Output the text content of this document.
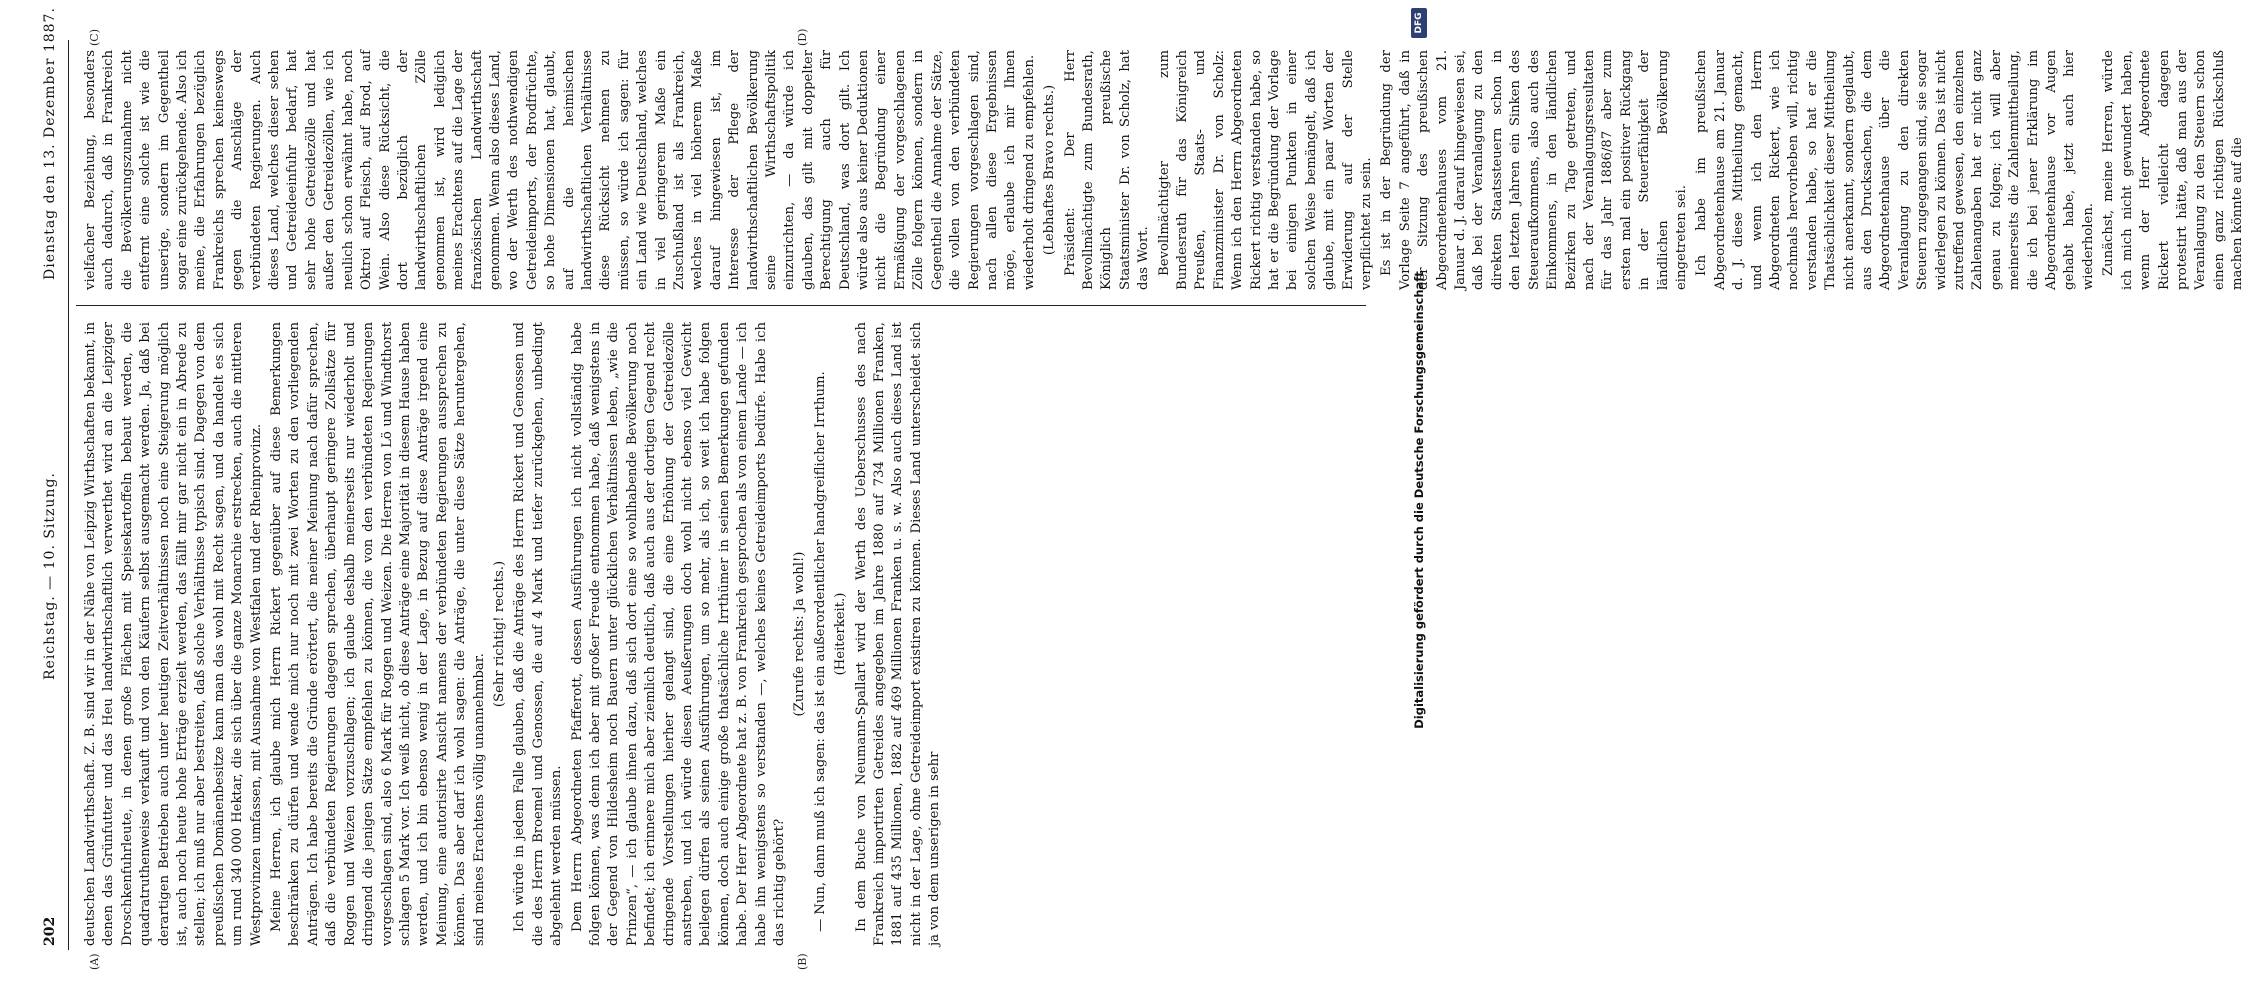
202
Reichstag. — 10. Sitzung.
Dienstag den 13. Dezember 1887.
(A)	(B)
(C)	(D)

deutschen Landwirthschaft. Z. B. sind wir in der Nähe von Leipzig Wirthschaften bekannt, in denen das Grünfutter und das Heu landwirthschaftlich verwerthet wird an die Leipziger Droschkenfuhrleute, in denen große Flächen mit Speisekartoffeln bebaut werden, die quadratruthenweise verkauft und von den Käufern selbst ausgemacht werden. Ja, daß bei derartigen Betrieben auch unter heutigen Zeitverhältnissen noch eine Steigerung möglich ist, auch noch heute hohe Erträge erzielt werden, das fällt mir gar nicht ein in Abrede zu stellen; ich muß nur aber bestreiten, daß solche Verhältnisse typisch sind. Dagegen von dem preußischen Domänenbesitze kann man das wohl mit Recht sagen, und da handelt es sich um rund 340 000 Hektar, die sich über die ganze Monarchie erstrecken, auch die mittleren Westprovinzen umfassen, mit Ausnahme von Westfalen und der Rheinprovinz. Meine Herren, ich glaube mich Herrn Rickert gegenüber auf diese Bemerkungen beschränken zu dürfen und wende mich nur noch mit zwei Worten zu den vorliegenden Anträgen. Ich habe bereits die Gründe erörtert, die meiner Meinung nach dafür sprechen, daß die verbündeten Regierungen dagegen sprechen, überhaupt geringere Zollsätze für Roggen und Weizen vorzuschlagen; ich glaube deshalb meinerseits nur wiederholt und dringend die jenigen Sätze empfehlen zu können, die von den verbündeten Regierungen vorgeschlagen sind, also 6 Mark für Roggen und Weizen. Die Herren von Lö und Windthorst schlagen 5 Mark vor. Ich weiß nicht, ob diese Anträge eine Majorität in diesem Hause haben werden, und ich bin ebenso wenig in der Lage, in Bezug auf diese Anträge irgend eine Meinung, eine autorisirte Ansicht namens der verbündeten Regierungen aussprechen zu können. Das aber darf ich wohl sagen: die Anträge, die unter diese Sätze heruntergehen, sind meines Erachtens völlig unannehmbar.

(Sehr richtig! rechts.) Ich würde in jedem Falle glauben, daß die Anträge des Herrn Rickert und Genossen und die des Herrn Broemel und Genossen, die auf 4 Mark und tiefer zurückgehen, unbedingt abgelehnt werden müssen. Dem Herrn Abgeordneten Pfafferott, dessen Ausführungen ich nicht vollständig habe folgen können, was denn ich aber mit großer Freude entnommen habe, daß wenigstens in der Gegend von Hildesheim noch Bauern unter glücklichen Verhältnissen leben, „wie die Prinzen“, — ich glaube ihnen dazu, daß sich dort eine so wohlhabende Bevölkerung noch befindet; ich erinnere mich aber ziemlich deutlich, daß auch aus der dortigen Gegend recht dringende Vorstellungen hierher gelangt sind, die eine Erhöhung der Getreidezölle anstreben, und ich würde diesen Aeußerungen doch wohl nicht ebenso viel Gewicht beilegen dürfen als seinen Ausführungen, um so mehr, als ich, so weit ich habe folgen können, doch auch einige große thatsächliche Irrthümer in seinen Bemerkungen gefunden habe. Der Herr Abgeordnete hat z. B. von Frankreich gesprochen als von einem Lande — ich habe ihn wenigstens so verstanden —, welches keines Getreideimports bedürfe. Habe ich das richtig gehört?

(Zurufe rechts: Ja wohl!) — Nun, dann muß ich sagen: das ist ein außerordentlicher handgreiflicher Irrthum. (Heiterkeit.) In dem Buche von Neumann-Spallart wird der Werth des Ueberschusses des nach Frankreich importirten Getreides angegeben im Jahre 1880 auf 734 Millionen Franken, 1881 auf 435 Millionen, 1882 auf 469 Millionen Franken u. s. w. Also auch dieses Land ist nicht in der Lage, ohne Getreideimport existiren zu können. Dieses Land unterscheidet sich ja von dem unserigen in sehr

vielfacher Beziehung, besonders auch dadurch, daß in Frankreich die Bevölkerungszunahme nicht entfernt eine solche ist wie die unserige, sondern im Gegentheil sogar eine zurückgehende. Also ich meine, die Erfahrungen bezüglich Frankreichs sprechen keineswegs gegen die Anschläge der verbündeten Regierungen. Auch dieses Land, welches dieser sehen und Getreideeinfuhr bedarf, hat sehr hohe Getreidezölle und hat außer den Getreidezöllen, wie ich neulich schon erwähnt habe, noch Oktroi auf Fleisch, auf Brod, auf Wein. Also diese Rücksicht, die dort bezüglich der landwirthschaftlichen Zölle genommen ist, wird lediglich meines Erachtens auf die Lage der französischen Landwirthschaft genommen. Wenn also dieses Land, wo der Werth des nothwendigen Getreideimports, der Brodfrüchte, so hohe Dimensionen hat, glaubt, auf die heimischen landwirthschaftlichen Verhältnisse diese Rücksicht nehmen zu müssen, so würde ich sagen: für ein Land wie Deutschland, welches in viel geringerem Maße ein Zuschußland ist als Frankreich, welches in viel höherem Maße darauf hingewiesen ist, im Interesse der Pflege der landwirthschaftlichen Bevölkerung seine Wirthschaftspolitik einzurichten, — da würde ich glauben, das gilt mit doppelter Berechtigung auch für Deutschland, was dort gilt. Ich würde also aus keiner Deduktionen nicht die Begründung einer Ermäßigung der vorgeschlagenen Zölle folgern können, sondern in Gegentheil die Annahme der Sätze, die vollen von den verbündeten Regierungen vorgeschlagen sind, nach allen diese Ergebnissen möge, erlaube ich mir Ihnen wiederholt dringend zu empfehlen. (Lebhaftes Bravo rechts.) Präsident: Der Herr Bevollmächtigte zum Bundesrath, Königlich preußische Staatsminister Dr. von Scholz, hat das Wort. Bevollmächtigter zum Bundesrath für das Königreich Preußen, Staats- und Finanzminister Dr. von Scholz: Wenn ich den Herrn Abgeordneten Rickert richtig verstanden habe, so hat er die Begründung der Vorlage bei einigen Punkten in einer solchen Weise bemängelt, daß ich glaube, mit ein paar Worten der Erwiderung auf der Stelle verpflichtet zu sein. Es ist in der Begründung der Vorlage Seite 7 angeführt, daß in der Sitzung des preußischen Abgeordnetenhauses vom 21. Januar d. J. darauf hingewiesen sei, daß bei der Veranlagung zu den direkten Staatssteuern schon in den letzten Jahren ein Sinken des Steueraufkommens, also auch des Einkommens, in den ländlichen Bezirken zu Tage getreten, und nach der Veranlagungsresultaten für das Jahr 1886/87 aber zum ersten mal ein positiver Rückgang in der Steuerfähigkeit der ländlichen Bevölkerung eingetreten sei. Ich habe im preußischen Abgeordnetenhause am 21. Januar d. J. diese Mittheilung gemacht, und wenn ich den Herrn Abgeordneten Rickert, wie ich nochmals hervorheben will, richtig verstanden habe, so hat er die Thatsächlichkeit dieser Mittheilung nicht anerkannt, sondern geglaubt, aus den Drucksachen, die dem Abgeordnetenhause über die Veranlagung zu den direkten Steuern zugegangen sind, sie sogar widerlegen zu können. Das ist nicht zutreffend gewesen, den einzelnen Zahlenangaben hat er nicht ganz genau zu folgen; ich will aber meinerseits die Zahlenmittheilung, die ich bei jener Erklärung im Abgeordnetenhause vor Augen gehabt habe, jetzt auch hier wiederholen. Zunächst, meine Herren, würde ich mich nicht gewundert haben, wenn der Herr Abgeordnete Rickert vielleicht dagegen protestirt hätte, daß man aus der Veranlagung zu den Steuern schon einen ganz richtigen Rückschluß machen könnte auf die

Digitalisierung gefördert durch die Deutsche Forschungsgemeinschaft
DFG
